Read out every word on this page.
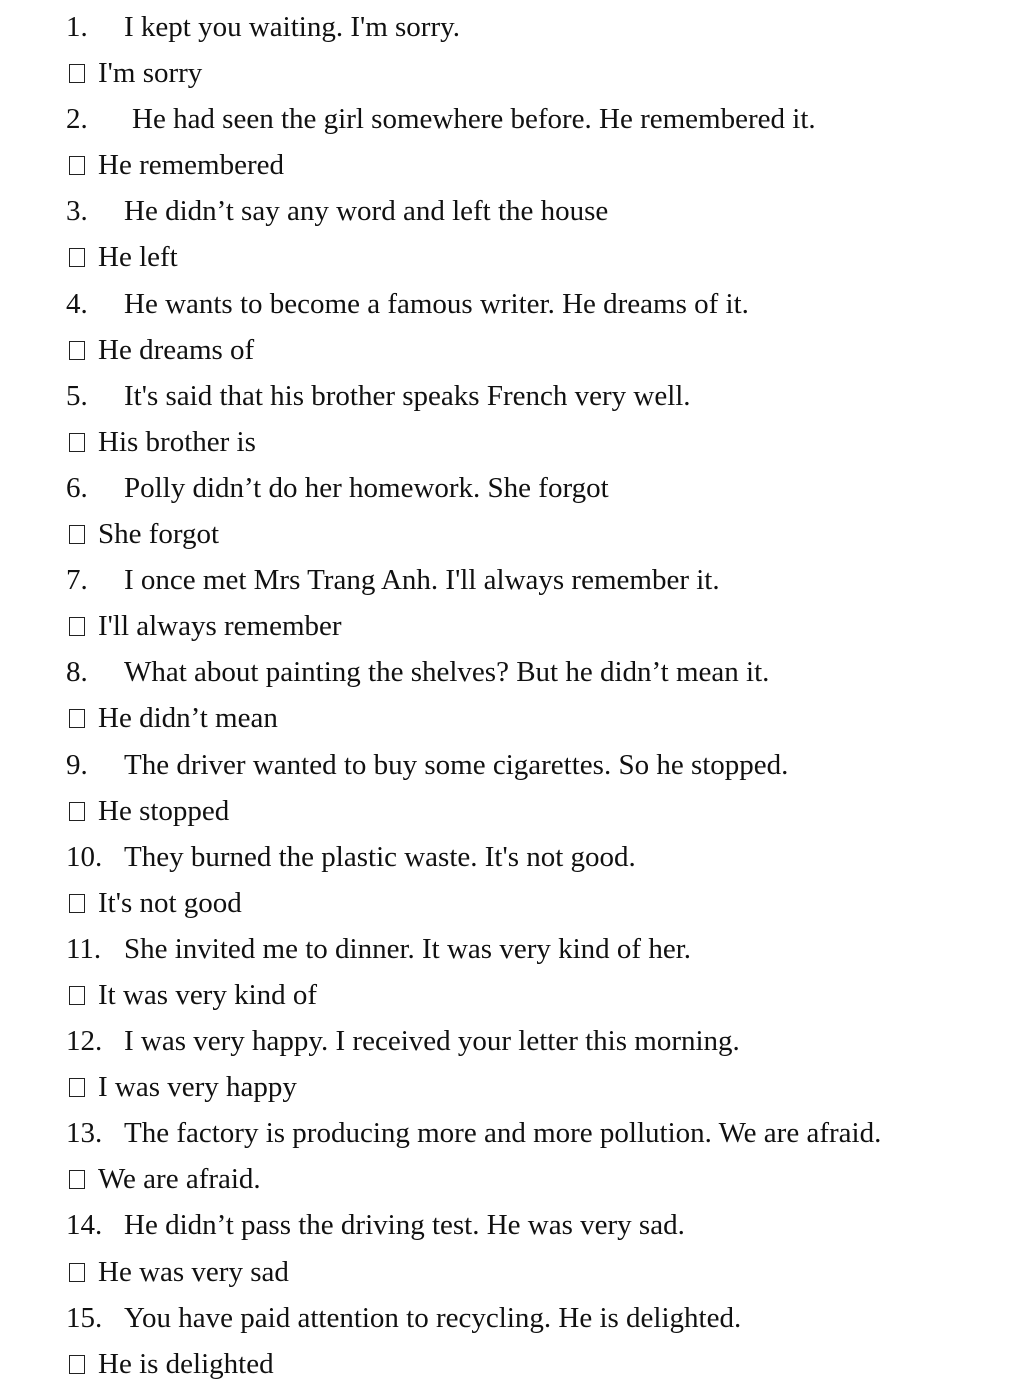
1. I kept you waiting. I'm sorry.
I'm sorry
2. He had seen the girl somewhere before. He remembered it.
He remembered
3. He didn’t say any word and left the house
He left
4. He wants to become a famous writer. He dreams of it.
He dreams of
5. It's said that his brother speaks French very well.
His brother is
6. Polly didn’t do her homework. She forgot
She forgot
7. I once met Mrs Trang Anh. I'll always remember it.
I'll always remember
8. What about painting the shelves? But he didn’t mean it.
He didn’t mean
9. The driver wanted to buy some cigarettes. So he stopped.
He stopped
10. They burned the plastic waste. It's not good.
It's not good
11. She invited me to dinner. It was very kind of her.
It was very kind of
12. I was very happy. I received your letter this morning.
I was very happy
13. The factory is producing more and more pollution. We are afraid.
We are afraid.
14. He didn’t pass the driving test. He was very sad.
He was very sad
15. You have paid attention to recycling. He is delighted.
He is delighted
